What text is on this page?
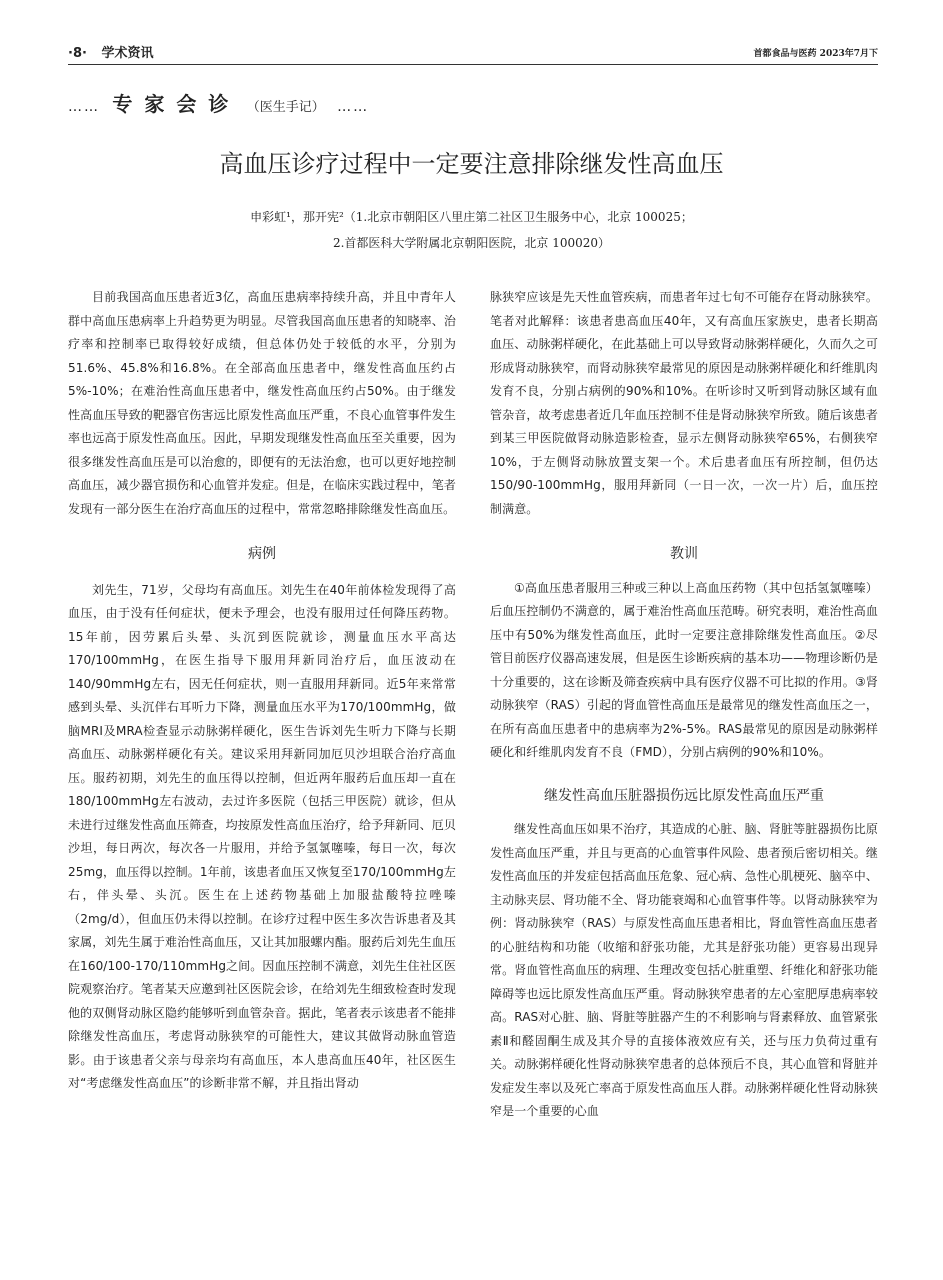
·8· 学术资讯	首都食品与医药 2023年7月下
…… 专家会诊 （医生手记） ……
高血压诊疗过程中一定要注意排除继发性高血压
申彩虹¹，那开宪²（1.北京市朝阳区八里庄第二社区卫生服务中心，北京 100025；
2.首都医科大学附属北京朝阳医院，北京 100020）

目前我国高血压患者近3亿，高血压患病率持续升高，并且中青年人群中高血压患病率上升趋势更为明显。尽管我国高血压患者的知晓率、治疗率和控制率已取得较好成绩，但总体仍处于较低的水平，分别为51.6%、45.8%和16.8%。在全部高血压患者中，继发性高血压约占5%-10%；在难治性高血压患者中，继发性高血压约占50%。由于继发性高血压导致的靶器官伤害远比原发性高血压严重，不良心血管事件发生率也远高于原发性高血压。因此，早期发现继发性高血压至关重要，因为很多继发性高血压是可以治愈的，即便有的无法治愈，也可以更好地控制高血压，减少器官损伤和心血管并发症。但是，在临床实践过程中，笔者发现有一部分医生在治疗高血压的过程中，常常忽略排除继发性高血压。

病例

刘先生，71岁，父母均有高血压。刘先生在40年前体检发现得了高血压，由于没有任何症状，便未予理会，也没有服用过任何降压药物。15年前，因劳累后头晕、头沉到医院就诊，测量血压水平高达170/100mmHg，在医生指导下服用拜新同治疗后，血压波动在140/90mmHg左右，因无任何症状，则一直服用拜新同。近5年来常常感到头晕、头沉伴右耳听力下降，测量血压水平为170/100mmHg，做脑MRI及MRA检查显示动脉粥样硬化，医生告诉刘先生听力下降与长期高血压、动脉粥样硬化有关。建议采用拜新同加厄贝沙坦联合治疗高血压。服药初期，刘先生的血压得以控制，但近两年服药后血压却一直在180/100mmHg左右波动，去过许多医院（包括三甲医院）就诊，但从未进行过继发性高血压筛查，均按原发性高血压治疗，给予拜新同、厄贝沙坦，每日两次，每次各一片服用，并给予氢氯噻嗪，每日一次，每次25mg，血压得以控制。1年前，该患者血压又恢复至170/100mmHg左右，伴头晕、头沉。医生在上述药物基础上加服盐酸特拉唑嗪（2mg/d），但血压仍未得以控制。在诊疗过程中医生多次告诉患者及其家属，刘先生属于难治性高血压，又让其加服螺内酯。服药后刘先生血压在160/100-170/110mmHg之间。因血压控制不满意，刘先生住社区医院观察治疗。笔者某天应邀到社区医院会诊，在给刘先生细致检查时发现他的双侧肾动脉区隐约能够听到血管杂音。据此，笔者表示该患者不能排除继发性高血压，考虑肾动脉狭窄的可能性大，建议其做肾动脉血管造影。由于该患者父亲与母亲均有高血压，本人患高血压40年，社区医生对“考虑继发性高血压”的诊断非常不解，并且指出肾动

脉狭窄应该是先天性血管疾病，而患者年过七旬不可能存在肾动脉狭窄。笔者对此解释：该患者患高血压40年，又有高血压家族史，患者长期高血压、动脉粥样硬化，在此基础上可以导致肾动脉粥样硬化，久而久之可形成肾动脉狭窄，而肾动脉狭窄最常见的原因是动脉粥样硬化和纤维肌肉发育不良，分别占病例的90%和10%。在听诊时又听到肾动脉区域有血管杂音，故考虑患者近几年血压控制不佳是肾动脉狭窄所致。随后该患者到某三甲医院做肾动脉造影检查，显示左侧肾动脉狭窄65%，右侧狭窄10%，于左侧肾动脉放置支架一个。术后患者血压有所控制，但仍达150/90-100mmHg，服用拜新同（一日一次，一次一片）后，血压控制满意。

教训

①高血压患者服用三种或三种以上高血压药物（其中包括氢氯噻嗪）后血压控制仍不满意的，属于难治性高血压范畴。研究表明，难治性高血压中有50%为继发性高血压，此时一定要注意排除继发性高血压。②尽管目前医疗仪器高速发展，但是医生诊断疾病的基本功——物理诊断仍是十分重要的，这在诊断及筛查疾病中具有医疗仪器不可比拟的作用。③肾动脉狭窄（RAS）引起的肾血管性高血压是最常见的继发性高血压之一，在所有高血压患者中的患病率为2%-5%。RAS最常见的原因是动脉粥样硬化和纤维肌肉发育不良（FMD），分别占病例的90%和10%。

继发性高血压脏器损伤远比原发性高血压严重

继发性高血压如果不治疗，其造成的心脏、脑、肾脏等脏器损伤比原发性高血压严重，并且与更高的心血管事件风险、患者预后密切相关。继发性高血压的并发症包括高血压危象、冠心病、急性心肌梗死、脑卒中、主动脉夹层、肾功能不全、肾功能衰竭和心血管事件等。以肾动脉狭窄为例：肾动脉狭窄（RAS）与原发性高血压患者相比，肾血管性高血压患者的心脏结构和功能（收缩和舒张功能，尤其是舒张功能）更容易出现异常。肾血管性高血压的病理、生理改变包括心脏重塑、纤维化和舒张功能障碍等也远比原发性高血压严重。肾动脉狭窄患者的左心室肥厚患病率较高。RAS对心脏、脑、肾脏等脏器产生的不利影响与肾素释放、血管紧张素Ⅱ和醛固酮生成及其介导的直接体液效应有关，还与压力负荷过重有关。动脉粥样硬化性肾动脉狭窄患者的总体预后不良，其心血管和肾脏并发症发生率以及死亡率高于原发性高血压人群。动脉粥样硬化性肾动脉狭窄是一个重要的心血
